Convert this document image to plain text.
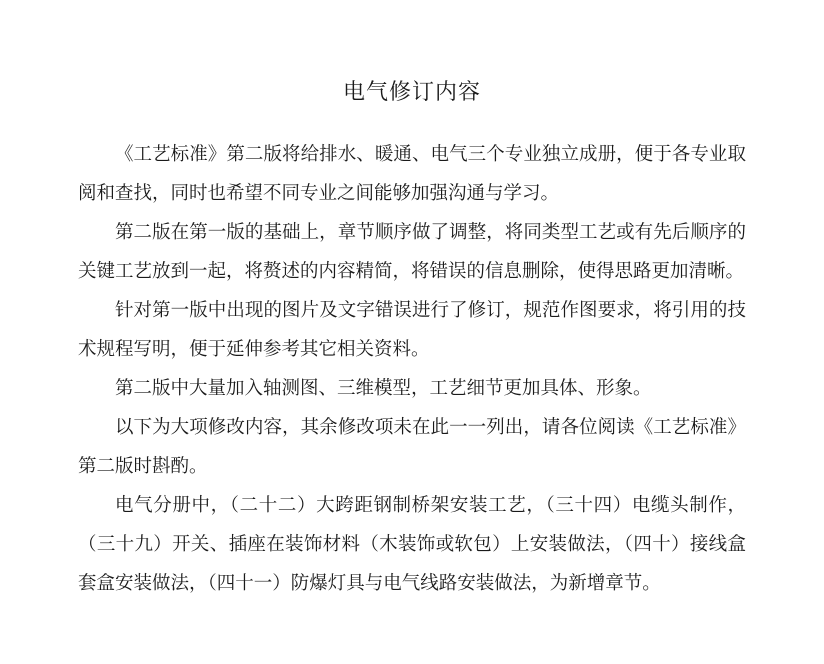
电气修订内容

《工艺标准》第二版将给排水、暖通、电气三个专业独立成册，便于各专业取阅和查找，同时也希望不同专业之间能够加强沟通与学习。

第二版在第一版的基础上，章节顺序做了调整，将同类型工艺或有先后顺序的关键工艺放到一起，将赘述的内容精简，将错误的信息删除，使得思路更加清晰。

针对第一版中出现的图片及文字错误进行了修订，规范作图要求，将引用的技术规程写明，便于延伸参考其它相关资料。

第二版中大量加入轴测图、三维模型，工艺细节更加具体、形象。

以下为大项修改内容，其余修改项未在此一一列出，请各位阅读《工艺标准》第二版时斟酌。

电气分册中，（二十二）大跨距钢制桥架安装工艺，（三十四）电缆头制作，（三十九）开关、插座在装饰材料（木装饰或软包）上安装做法，（四十）接线盒套盒安装做法，（四十一）防爆灯具与电气线路安装做法，为新增章节。
